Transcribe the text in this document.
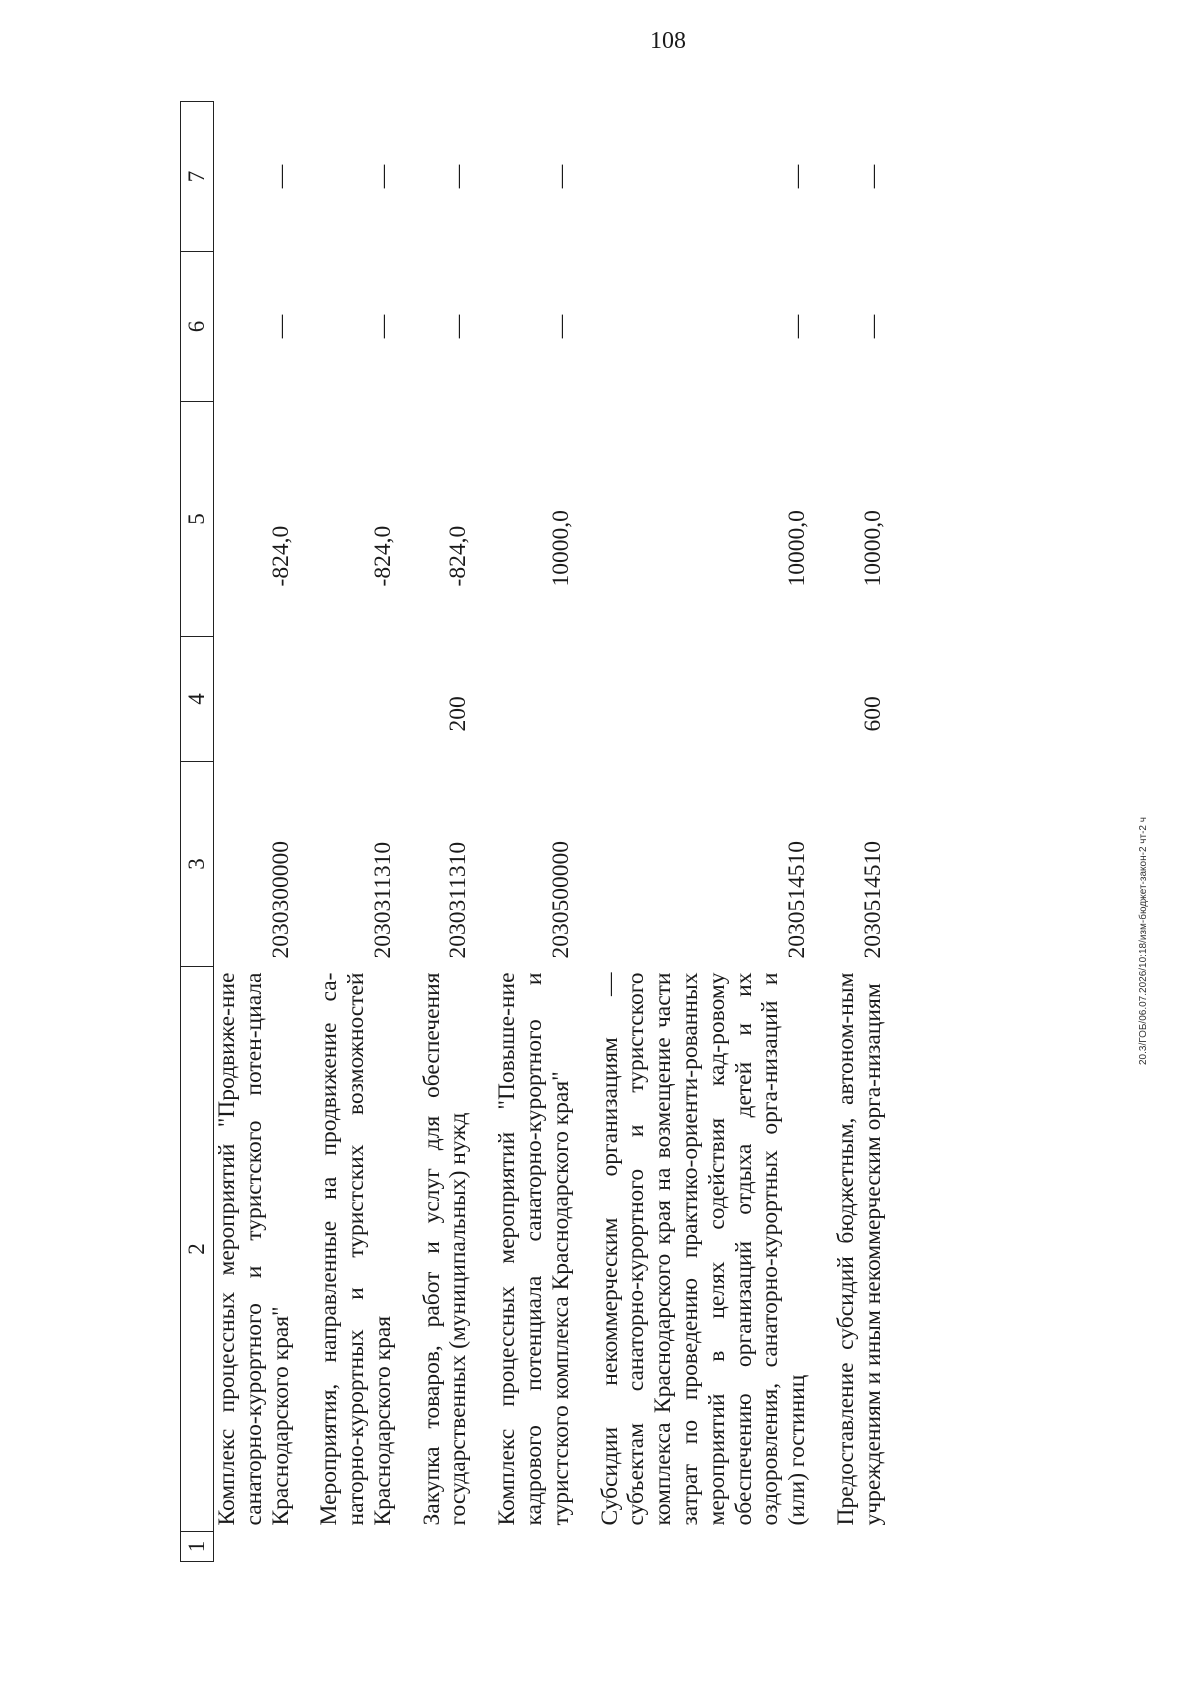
108
1	2	3	4	5	6	7
	Комплекс процессных мероприятий "Продвиже-ние санаторно-курортного и туристского потен-циала Краснодарского края"	2030300000		-824,0	—	—
	Мероприятия, направленные на продвижение са-наторно-курортных и туристских возможностей Краснодарского края	2030311310		-824,0	—	—
	Закупка товаров, работ и услуг для обеспечения государственных (муниципальных) нужд	2030311310	200	-824,0	—	—
	Комплекс процессных мероприятий "Повыше-ние кадрового потенциала санаторно-курортного и туристского комплекса Краснодарского края"	2030500000		10000,0	—	—
	Субсидии некоммерческим организациям — субъектам санаторно-курортного и туристского комплекса Краснодарского края на возмещение части затрат по проведению практико-ориенти-рованных мероприятий в целях содействия кад-ровому обеспечению организаций отдыха детей и их оздоровления, санаторно-курортных орга-низаций и (или) гостиниц	2030514510		10000,0	—	—
	Предоставление субсидий бюджетным, автоном-ным учреждениям и иным некоммерческим орга-низациям	2030514510	600	10000,0	—	—
20.3/ГОБ/06.07.2026/10:18/изм-бюджет-закон-2 чт-2 ч
